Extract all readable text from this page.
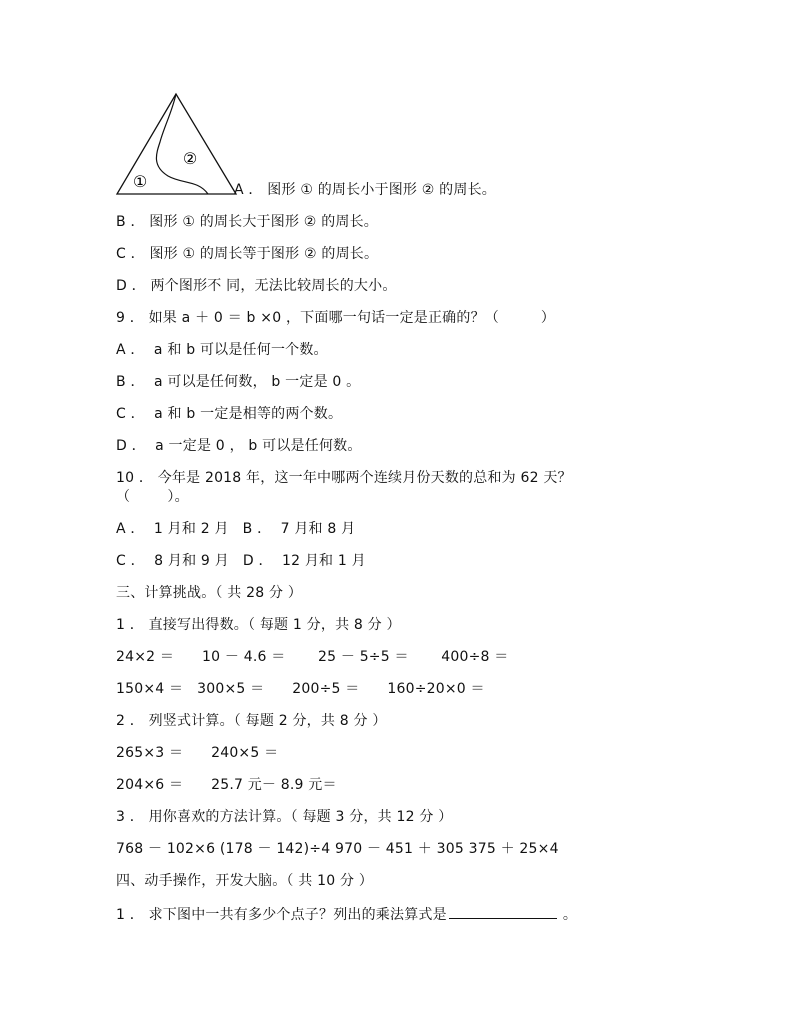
①
②
A ． 图形 ① 的周长小于图形 ② 的周长。
B ． 图形 ① 的周长大于图形 ② 的周长。
C ． 图形 ① 的周长等于图形 ② 的周长。
D ． 两个图形不 同，无法比较周长的大小。
9 ． 如果 a ＋ 0 ＝ b ×0 ，下面哪一句话一定是正确的？（         ）
A ．  a 和 b 可以是任何一个数。
B ．  a 可以是任何数， b 一定是 0 。
C ．  a 和 b 一定是相等的两个数。
D ．  a 一定是 0 ， b 可以是任何数。
10 ． 今年是 2018 年，这一年中哪两个连续月份天数的总和为 62 天？
（        ）。
A ．  1 月和 2 月   B ．  7 月和 8 月
C ．  8 月和 9 月   D ．  12 月和 1 月
三、计算挑战。（ 共 28 分 ）
1 ． 直接写出得数。（ 每题 1 分，共 8 分 ）
24×2 ＝      10 － 4.6 ＝       25 － 5÷5 ＝       400÷8 ＝
150×4 ＝   300×5 ＝      200÷5 ＝      160÷20×0 ＝
2 ． 列竖式计算。（ 每题 2 分，共 8 分 ）
265×3 ＝      240×5 ＝
204×6 ＝      25.7 元－ 8.9 元＝
3 ． 用你喜欢的方法计算。（ 每题 3 分，共 12 分 ）
768 － 102×6 (178 － 142)÷4 970 － 451 ＋ 305 375 ＋ 25×4
四、动手操作，开发大脑。（ 共 10 分 ）
1 ． 求下图中一共有多少个点子？列出的乘法算式是	。
